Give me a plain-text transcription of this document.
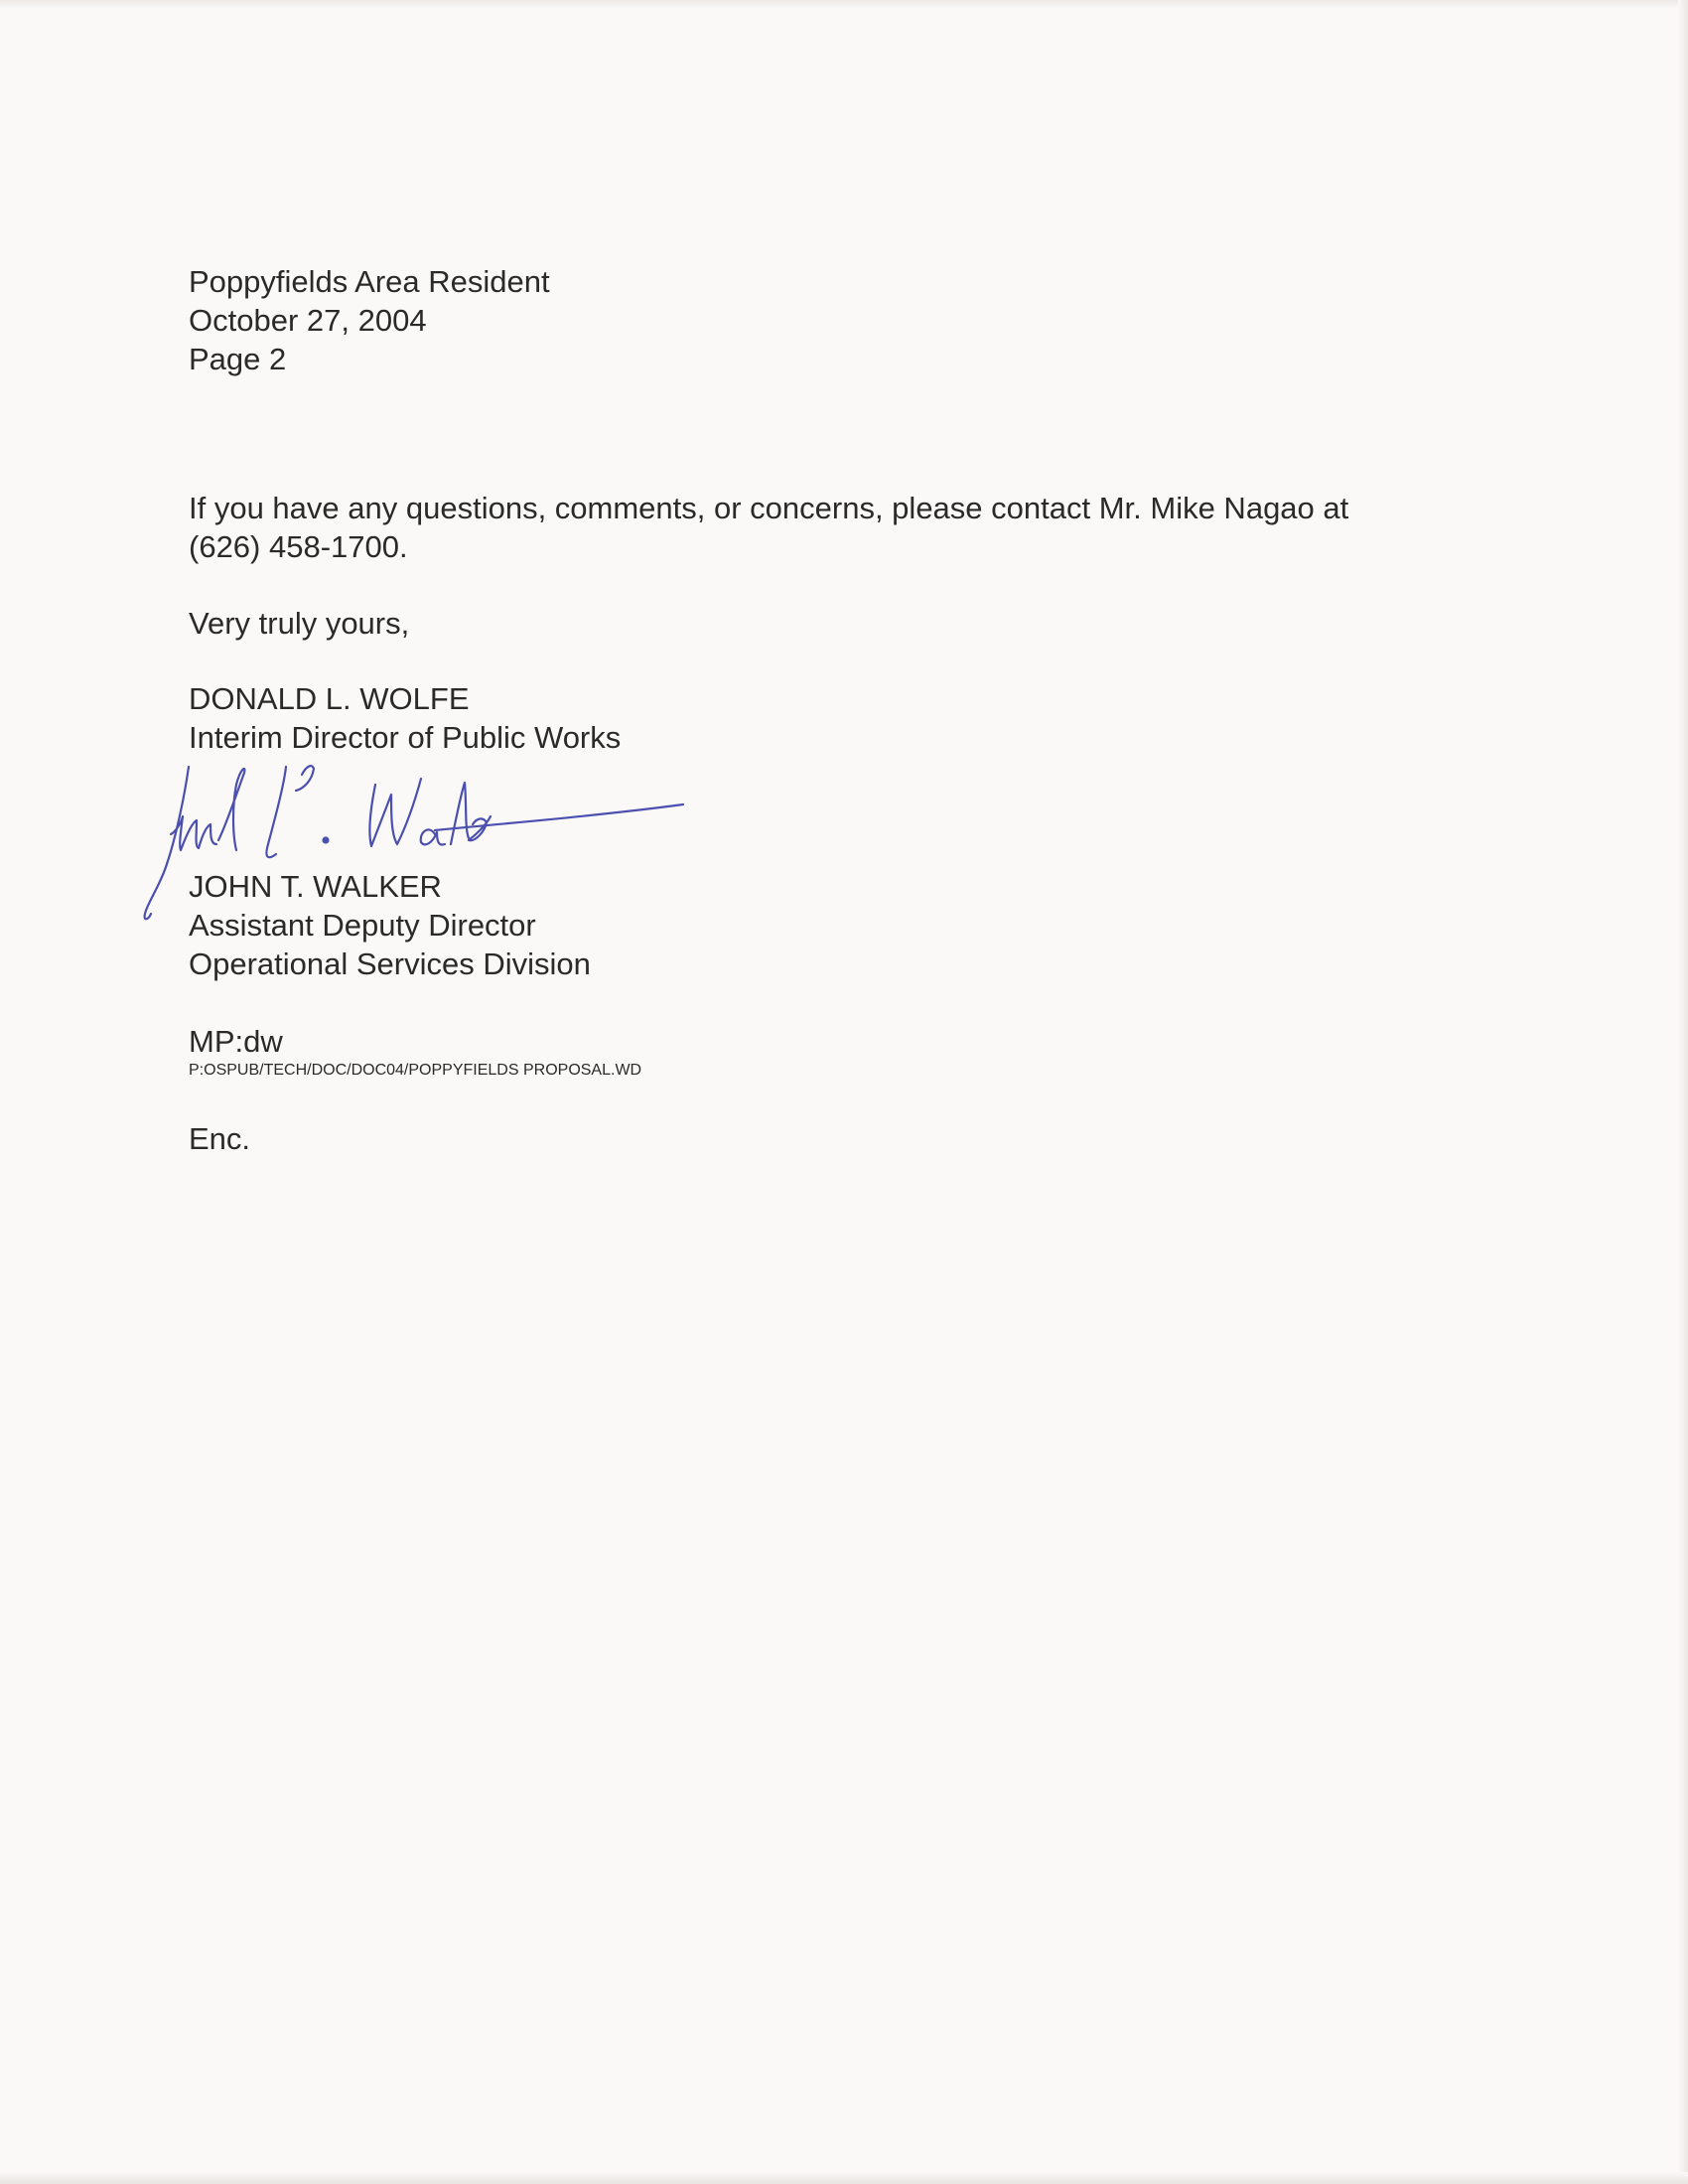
Poppyfields Area Resident

October 27, 2004

Page 2

If you have any questions, comments, or concerns, please contact Mr. Mike Nagao at

(626) 458-1700.

Very truly yours,

DONALD L. WOLFE

Interim Director of Public Works

JOHN T. WALKER

Assistant Deputy Director

Operational Services Division

MP:dw

P:OSPUB/TECH/DOC/DOC04/POPPYFIELDS PROPOSAL.WD

Enc.
